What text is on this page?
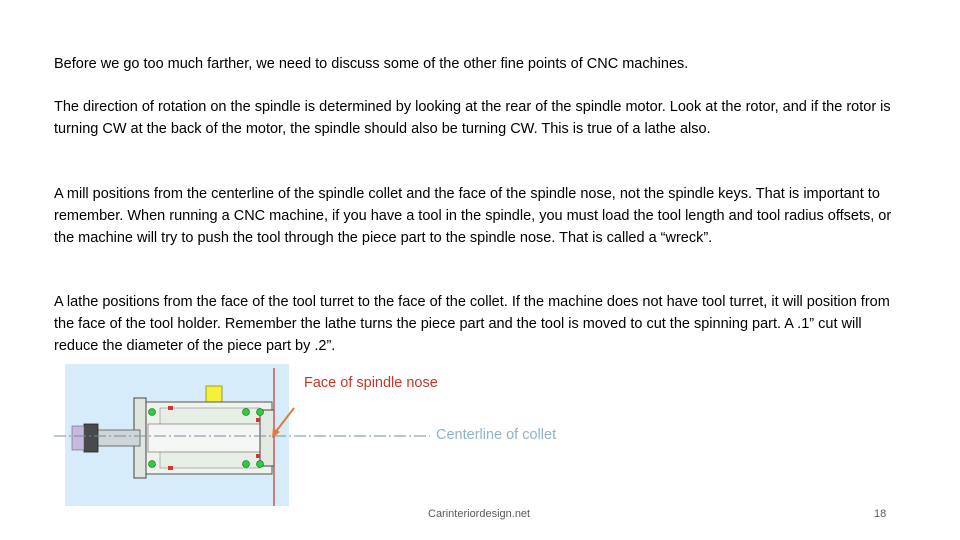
Before we go too much farther, we need to discuss some of the other fine points of CNC machines.

The direction of rotation on the spindle is determined by looking at the rear of the spindle motor. Look at the rotor, and if the rotor is turning CW at the back of the motor, the spindle should also be turning CW. This is true of a lathe also.

A mill positions from the centerline of the spindle collet and the face of the spindle nose, not the spindle keys. That is important to remember. When running a CNC machine, if you have a tool in the spindle, you must load the tool length and tool radius offsets, or the machine will try to push the tool through the piece part to the spindle nose. That is called a “wreck”.

A lathe positions from the face of the tool turret to the face of the collet. If the machine does not have tool turret, it will position from the face of the tool holder. Remember the lathe turns the piece part and the tool is moved to cut the spinning part. A .1” cut will reduce the diameter of the piece part by .2”.

Face of spindle nose
Centerline of collet
Carinteriordesign.net	18
